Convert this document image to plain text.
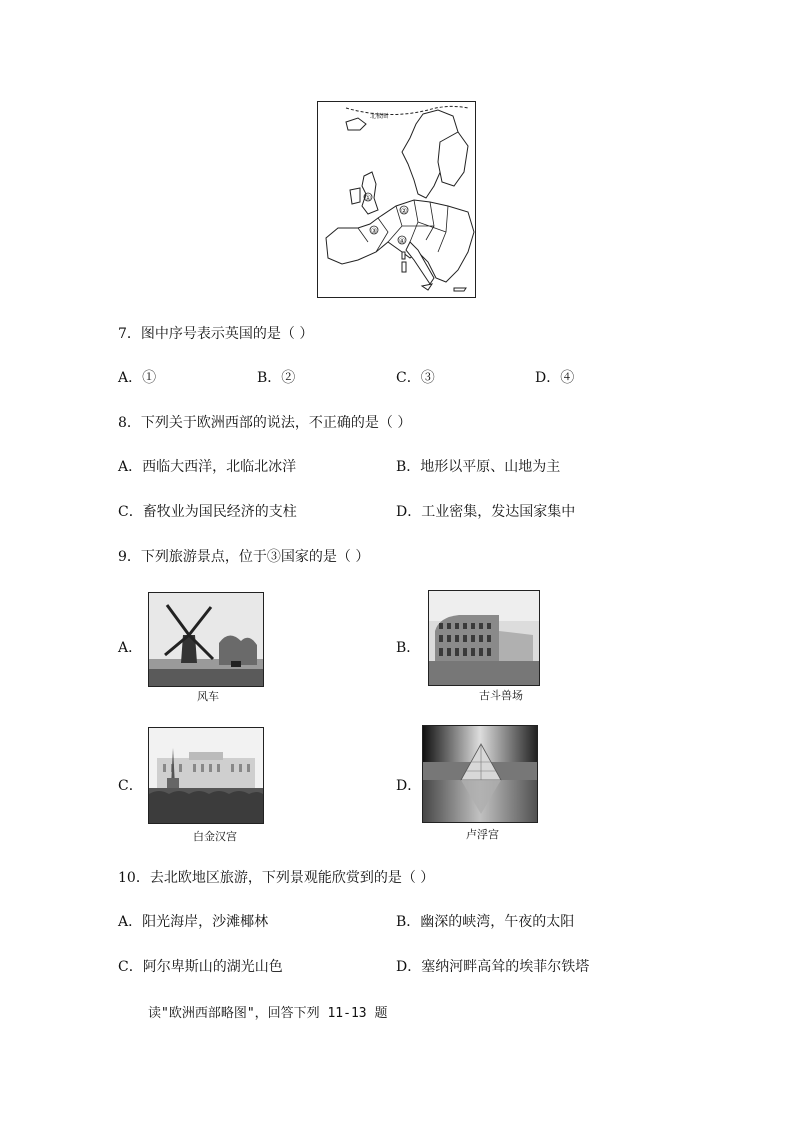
北极圈
①
②
③
④
7．图中序号表示英国的是（ ）
A．①	B．②	C．③	D．④
8．下列关于欧洲西部的说法，不正确的是（ ）
A．西临大西洋，北临北冰洋	B．地形以平原、山地为主
C．畜牧业为国民经济的支柱	D．工业密集，发达国家集中
9．下列旅游景点，位于③国家的是（ ）
A．
风车
B．
古斗兽场
C．
白金汉宫
D．
卢浮宫
10．去北欧地区旅游，下列景观能欣赏到的是（ ）
A．阳光海岸，沙滩椰林	B．幽深的峡湾，午夜的太阳
C．阿尔卑斯山的湖光山色	D．塞纳河畔高耸的埃菲尔铁塔
读"欧洲西部略图"，回答下列 11-13 题
